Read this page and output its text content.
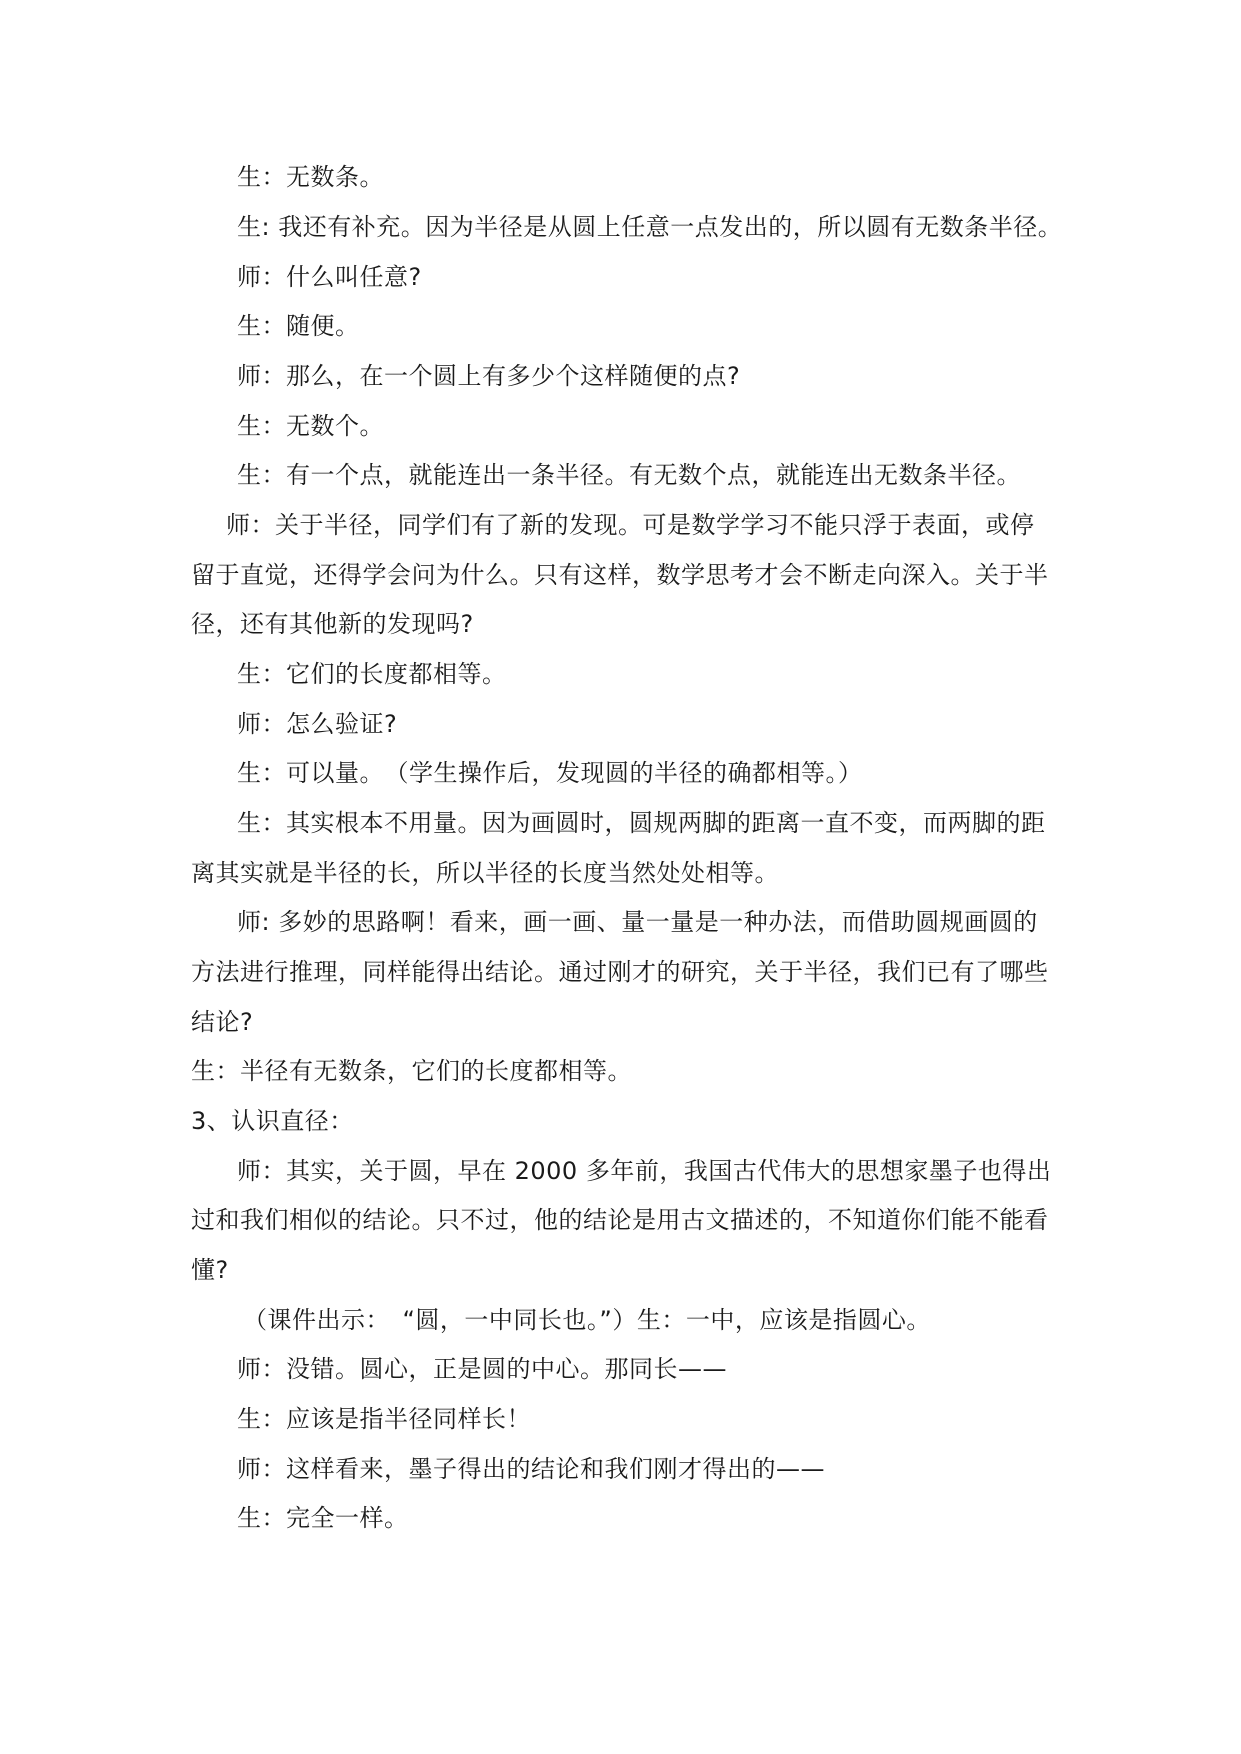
生：无数条。
生: 我还有补充。因为半径是从圆上任意一点发出的，所以圆有无数条半径。
师：什么叫任意?
生：随便。
师：那么，在一个圆上有多少个这样随便的点?
生：无数个。
生：有一个点，就能连出一条半径。有无数个点，就能连出无数条半径。
师：关于半径，同学们有了新的发现。可是数学学习不能只浮于表面，或停
留于直觉，还得学会问为什么。只有这样，数学思考才会不断走向深入。关于半
径，还有其他新的发现吗?
生：它们的长度都相等。
师：怎么验证?
生：可以量。　（学生操作后，发现圆的半径的确都相等。）
生：其实根本不用量。因为画圆时，圆规两脚的距离一直不变，而两脚的距
离其实就是半径的长，所以半径的长度当然处处相等。
师: 多妙的思路啊！看来，画一画、量一量是一种办法，而借助圆规画圆的
方法进行推理，同样能得出结论。通过刚才的研究，关于半径，我们已有了哪些
结论?
生：半径有无数条，它们的长度都相等。
3、认识直径：
师：其实，关于圆，早在 2000 多年前，我国古代伟大的思想家墨子也得出
过和我们相似的结论。只不过，他的结论是用古文描述的，不知道你们能不能看
懂?
（课件出示：　“圆，一中同长也。”）生：一中，应该是指圆心。
师：没错。圆心，正是圆的中心。那同长——
生：应该是指半径同样长！
师：这样看来，墨子得出的结论和我们刚才得出的——
生：完全一样。
